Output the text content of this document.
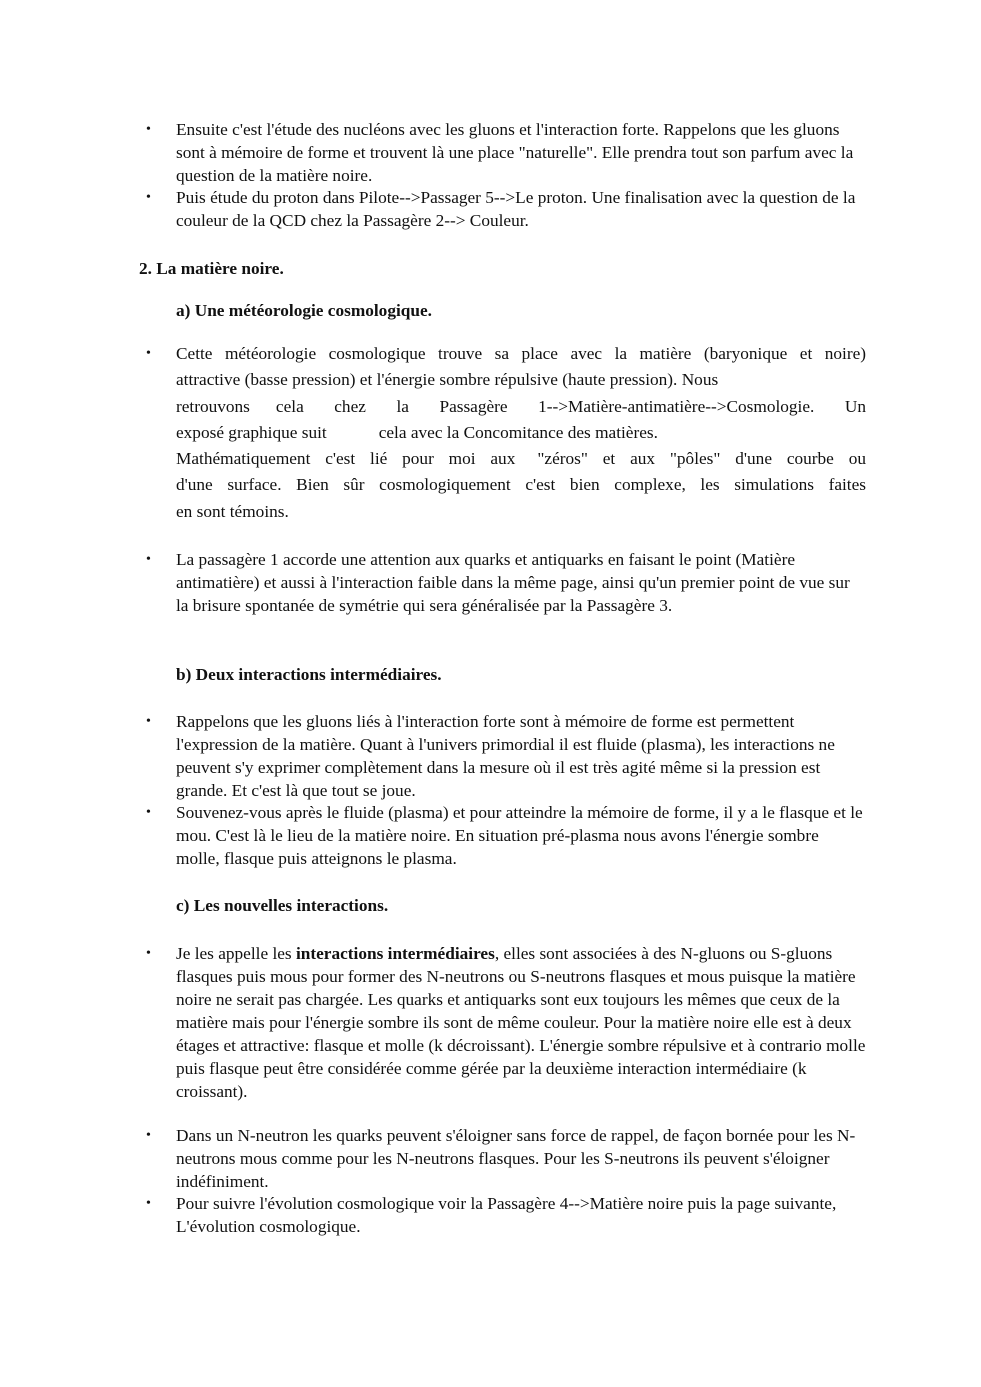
• Ensuite c'est l'étude des nucléons avec les gluons et l'interaction forte. Rappelons que les gluons sont à mémoire de forme et trouvent là une place "naturelle". Elle prendra tout son parfum avec la question de la matière noire.

• Puis étude du proton dans Pilote-->Passager 5-->Le proton. Une finalisation avec la question de la couleur de la QCD chez la Passagère 2--> Couleur.

2. La matière noire.

a) Une météorologie cosmologique.

• Cette météorologie cosmologique trouve sa place avec la matière (baryonique et noire)
attractive (basse pression) et l'énergie sombre répulsive (haute pression). Nous
retrouvons cela chez la Passagère 1-->Matière-antimatière-->Cosmologie. Un
exposé graphique suit	cela avec la Concomitance des matières.
Mathématiquement c'est lié pour moi aux "zéros" et aux "pôles" d'une courbe ou
d'une surface. Bien sûr cosmologiquement c'est bien complexe, les simulations faites
en sont témoins.

• La passagère 1 accorde une attention aux quarks et antiquarks en faisant le point (Matière antimatière) et aussi à l'interaction faible dans la même page, ainsi qu'un premier point de vue sur la brisure spontanée de symétrie qui sera généralisée par la Passagère 3.

b) Deux interactions intermédiaires.

• Rappelons que les gluons liés à l'interaction forte sont à mémoire de forme est permettent l'expression de la matière. Quant à l'univers primordial il est fluide (plasma), les interactions ne peuvent s'y exprimer complètement dans la mesure où il est très agité même si la pression est grande. Et c'est là que tout se joue.

• Souvenez-vous après le fluide (plasma) et pour atteindre la mémoire de forme, il y a le flasque et le mou. C'est là le lieu de la matière noire. En situation pré-plasma nous avons l'énergie sombre molle, flasque puis atteignons le plasma.

c) Les nouvelles interactions.

• Je les appelle les interactions intermédiaires, elles sont associées à des N-gluons ou S-gluons flasques puis mous pour former des N-neutrons ou S-neutrons flasques et mous puisque la matière noire ne serait pas chargée. Les quarks et antiquarks sont eux toujours les mêmes que ceux de la matière mais pour l'énergie sombre ils sont de même couleur. Pour la matière noire elle est à deux étages et attractive: flasque et molle (k décroissant). L'énergie sombre répulsive et à contrario molle puis flasque peut être considérée comme gérée par la deuxième interaction intermédiaire (k croissant).

• Dans un N-neutron les quarks peuvent s'éloigner sans force de rappel, de façon bornée pour les N-neutrons mous comme pour les N-neutrons flasques. Pour les S-neutrons ils peuvent s'éloigner indéfiniment.

• Pour suivre l'évolution cosmologique voir la Passagère 4-->Matière noire puis la page suivante, L'évolution cosmologique.
